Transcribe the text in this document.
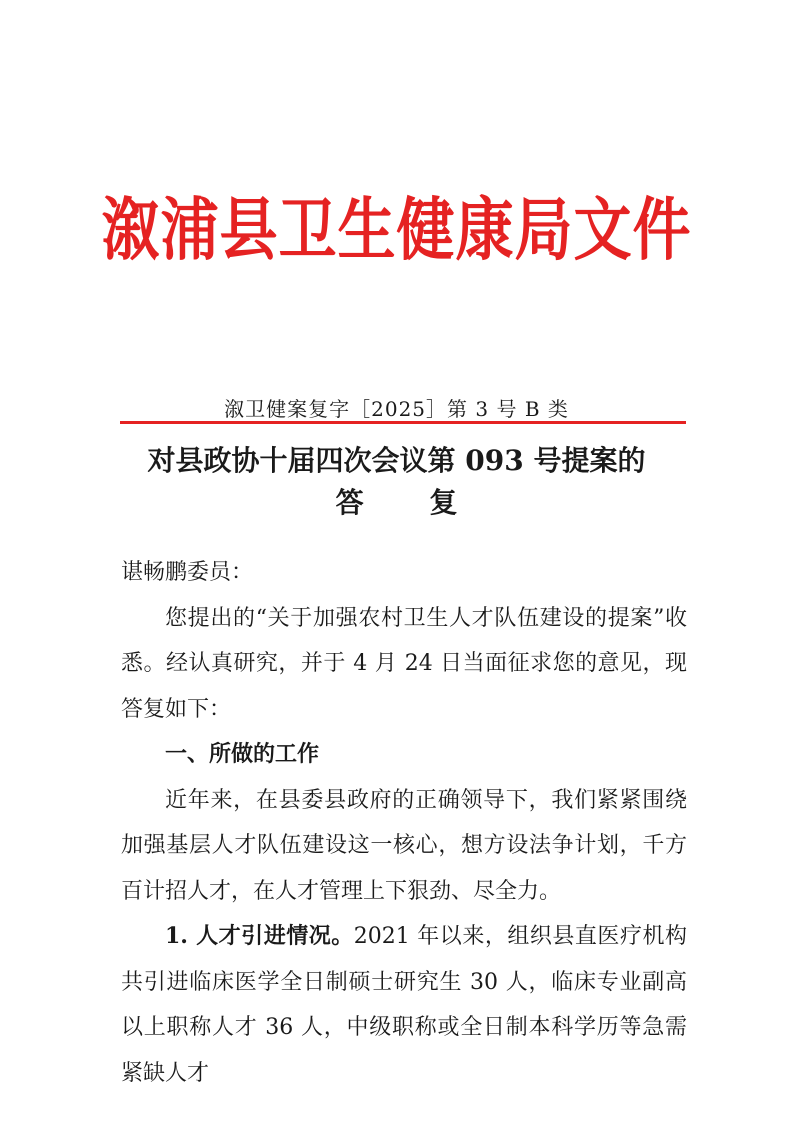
溆浦县卫生健康局文件
溆卫健案复字［2025］第 3 号 B 类
对县政协十届四次会议第 093 号提案的
答 复

谌畅鹏委员：

您提出的“关于加强农村卫生人才队伍建设的提案”收悉。经认真研究，并于 4 月 24 日当面征求您的意见，现答复如下：

一、所做的工作

近年来，在县委县政府的正确领导下，我们紧紧围绕加强基层人才队伍建设这一核心，想方设法争计划，千方百计招人才，在人才管理上下狠劲、尽全力。

1. 人才引进情况。2021 年以来，组织县直医疗机构共引进临床医学全日制硕士研究生 30 人，临床专业副高以上职称人才 36 人，中级职称或全日制本科学历等急需紧缺人才
